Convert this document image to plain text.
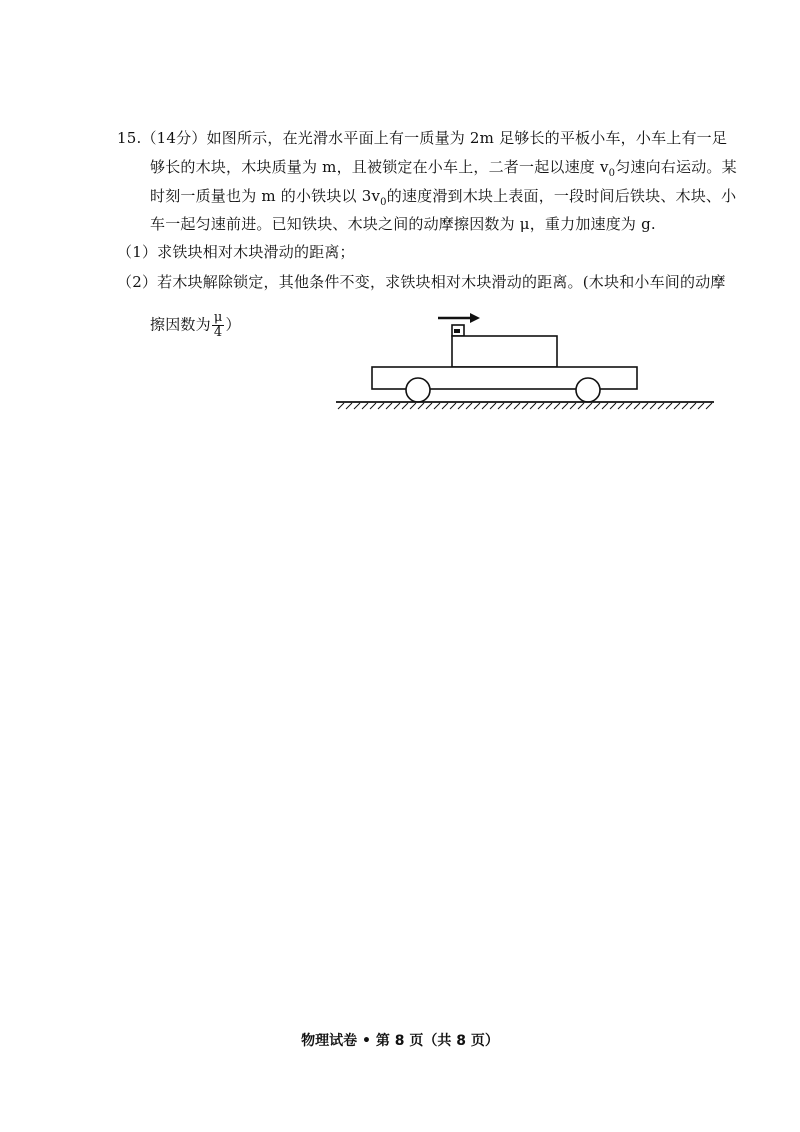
15.（14分）如图所示，在光滑水平面上有一质量为 2m 足够长的平板小车，小车上有一足
够长的木块，木块质量为 m，且被锁定在小车上，二者一起以速度 $v_0$匀速向右运动。某
时刻一质量也为 m 的小铁块以 $3v_0$的速度滑到木块上表面，一段时间后铁块、木块、小
车一起匀速前进。已知铁块、木块之间的动摩擦因数为 μ，重力加速度为 g.
（1）求铁块相对木块滑动的距离；
（2）若木块解除锁定，其他条件不变，求铁块相对木块滑动的距离。(木块和小车间的动摩
擦因数为 $\frac{\mu}{4}$ ）
物理试卷 • 第 8 页（共 8 页）
